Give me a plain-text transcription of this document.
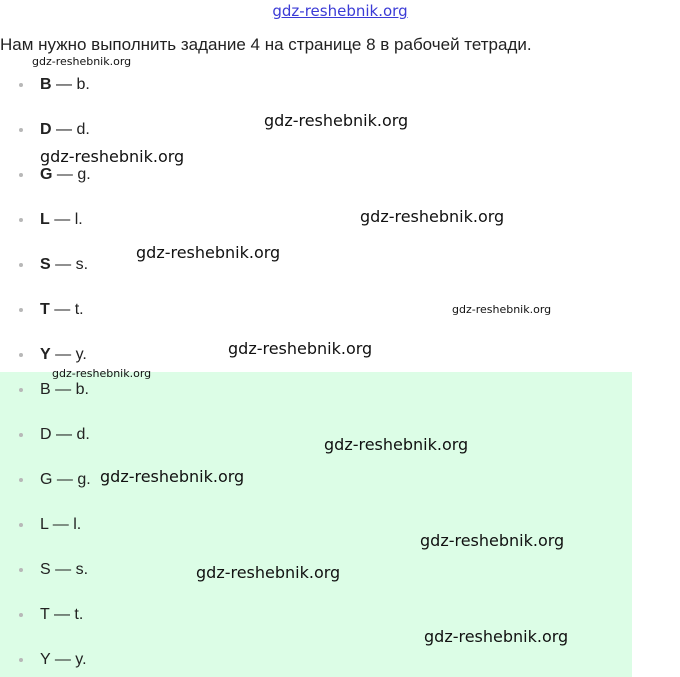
gdz-reshebnik.org
Нам нужно выполнить задание 4 на странице 8 в рабочей тетради.
B — b.
D — d.
G — g.
L — l.
S — s.
T — t.
Y — y.
B — b.
D — d.
G — g.
L — l.
S — s.
T — t.
Y — y.
gdz-reshebnik.org
gdz-reshebnik.org
gdz-reshebnik.org
gdz-reshebnik.org
gdz-reshebnik.org
gdz-reshebnik.org
gdz-reshebnik.org
gdz-reshebnik.org
gdz-reshebnik.org
gdz-reshebnik.org
gdz-reshebnik.org
gdz-reshebnik.org
gdz-reshebnik.org
